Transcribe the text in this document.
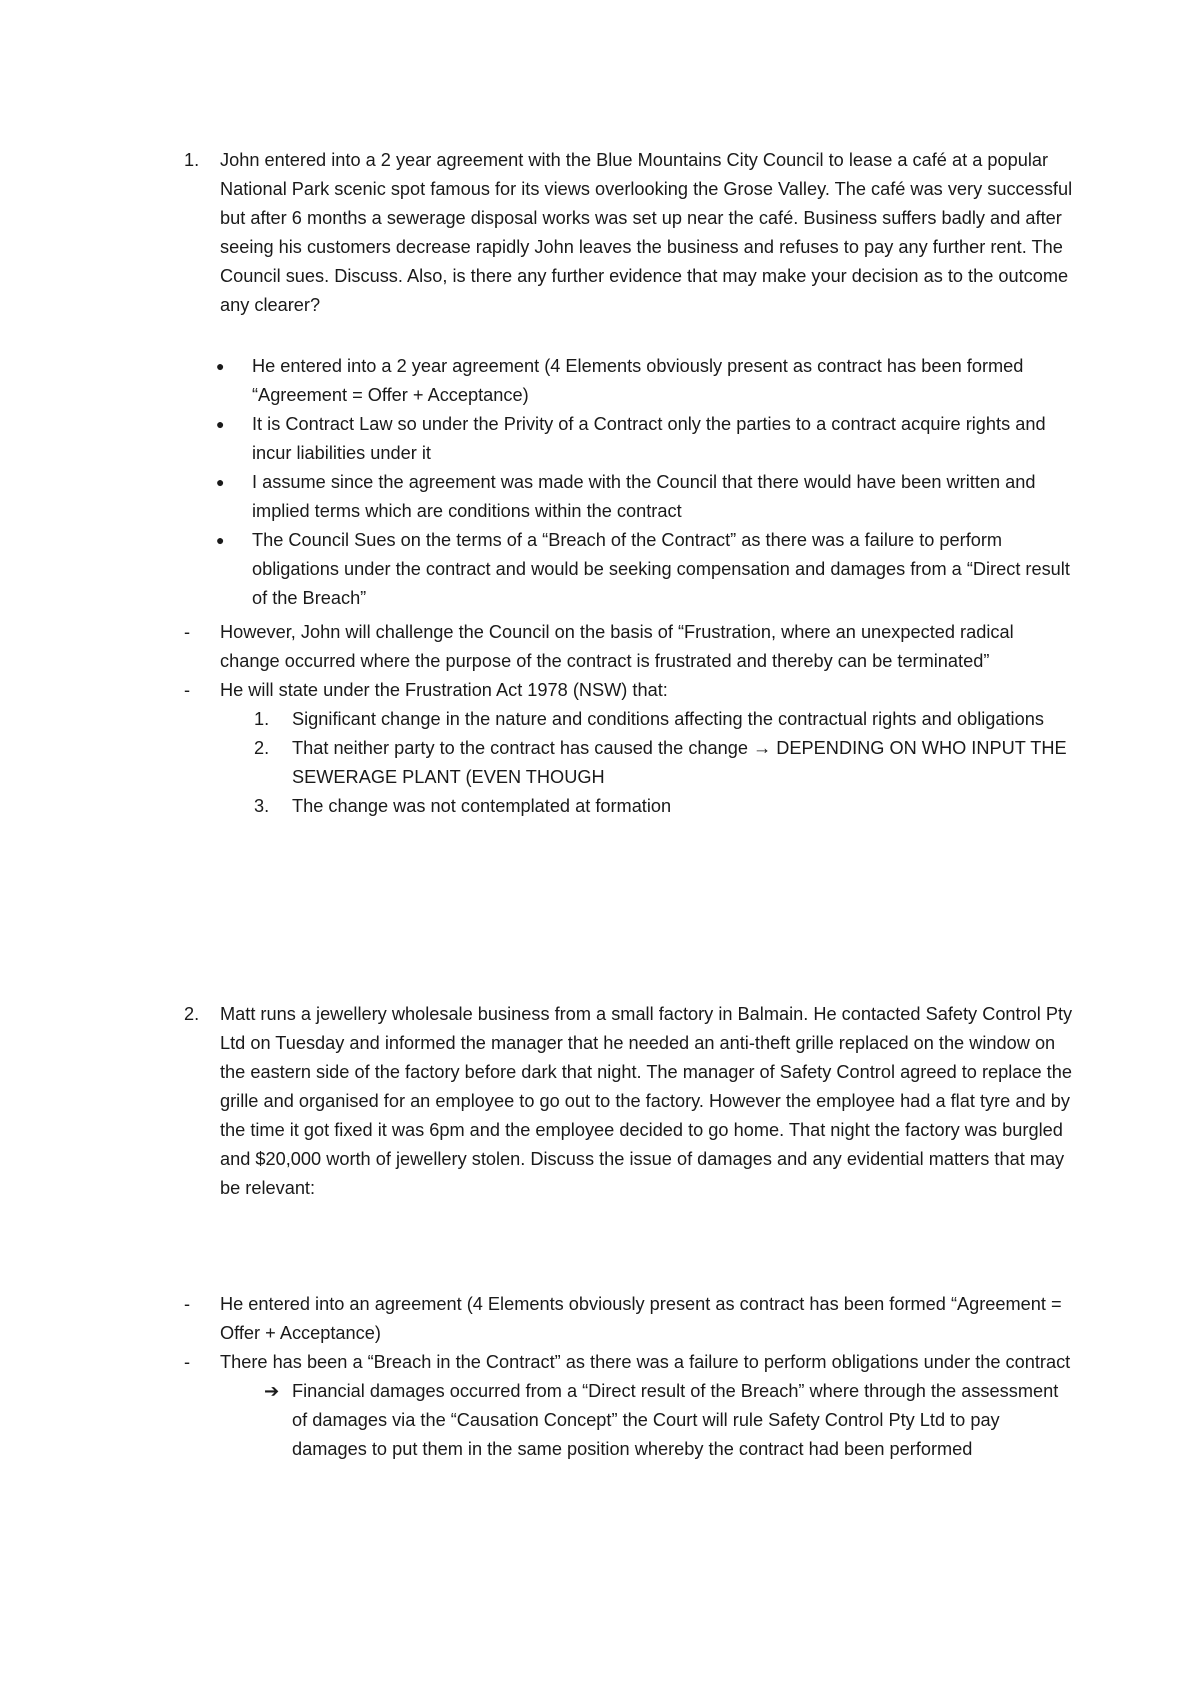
1. John entered into a 2 year agreement with the Blue Mountains City Council to lease a café at a popular National Park scenic spot famous for its views overlooking the Grose Valley. The café was very successful but after 6 months a sewerage disposal works was set up near the café. Business suffers badly and after seeing his customers decrease rapidly John leaves the business and refuses to pay any further rent. The Council sues. Discuss. Also, is there any further evidence that may make your decision as to the outcome any clearer?

● He entered into a 2 year agreement (4 Elements obviously present as contract has been formed “Agreement = Offer + Acceptance)

● It is Contract Law so under the Privity of a Contract only the parties to a contract acquire rights and incur liabilities under it

● I assume since the agreement was made with the Council that there would have been written and implied terms which are conditions within the contract

● The Council Sues on the terms of a “Breach of the Contract” as there was a failure to perform obligations under the contract and would be seeking compensation and damages from a “Direct result of the Breach”

- However, John will challenge the Council on the basis of “Frustration, where an unexpected radical change occurred where the purpose of the contract is frustrated and thereby can be terminated”

- He will state under the Frustration Act 1978 (NSW) that:

1. Significant change in the nature and conditions affecting the contractual rights and obligations

2. That neither party to the contract has caused the change → DEPENDING ON WHO INPUT THE SEWERAGE PLANT (EVEN THOUGH

3. The change was not contemplated at formation

2. Matt runs a jewellery wholesale business from a small factory in Balmain. He contacted Safety Control Pty Ltd on Tuesday and informed the manager that he needed an anti-theft grille replaced on the window on the eastern side of the factory before dark that night. The manager of Safety Control agreed to replace the grille and organised for an employee to go out to the factory. However the employee had a flat tyre and by the time it got fixed it was 6pm and the employee decided to go home. That night the factory was burgled and $20,000 worth of jewellery stolen. Discuss the issue of damages and any evidential matters that may be relevant:

- He entered into an agreement (4 Elements obviously present as contract has been formed “Agreement = Offer + Acceptance)

- There has been a “Breach in the Contract” as there was a failure to perform obligations under the contract

➔ Financial damages occurred from a “Direct result of the Breach” where through the assessment of damages via the “Causation Concept” the Court will rule Safety Control Pty Ltd to pay damages to put them in the same position whereby the contract had been performed
